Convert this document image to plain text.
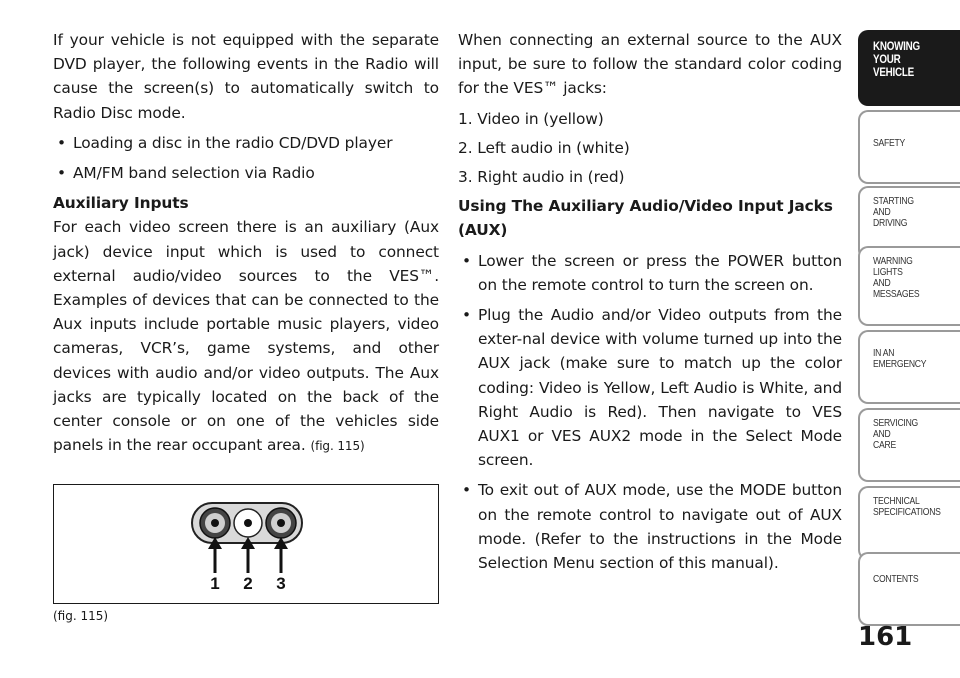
If your vehicle is not equipped with the separate DVD player, the following events in the Radio will cause the screen(s) to automatically switch to Radio Disc mode.

• Loading a disc in the radio CD/DVD player
• AM/FM band selection via Radio
Auxiliary Inputs

For each video screen there is an auxiliary (Aux jack) device input which is used to connect external audio/video sources to the VES™. Examples of devices that can be connected to the Aux inputs include portable music players, video cameras, VCR’s, game systems, and other devices with audio and/or video outputs. The Aux jacks are typically located on the back of the center console or on one of the vehicles side panels in the rear occupant area. (fig. 115)

1 2 3
(fig. 115)

When connecting an external source to the AUX input, be sure to follow the standard color coding for the VES™ jacks:

1. Video in (yellow)
2. Left audio in (white)
3. Right audio in (red)
Using The Auxiliary Audio/Video Input Jacks (AUX)
• Lower the screen or press the POWER button on the remote control to turn the screen on.
• Plug the Audio and/or Video outputs from the exter-nal device with volume turned up into the AUX jack (make sure to match up the color coding: Video is Yellow, Left Audio is White, and Right Audio is Red). Then navigate to VES AUX1 or VES AUX2 mode in the Select Mode screen.
• To exit out of AUX mode, use the MODE button on the remote control to navigate out of AUX mode. (Refer to the instructions in the Mode Selection Menu section of this manual).
KNOWING
YOUR
VEHICLE
SAFETY
STARTING
AND
DRIVING
WARNING
LIGHTS
AND
MESSAGES
IN AN
EMERGENCY
SERVICING
AND
CARE
TECHNICAL
SPECIFICATIONS
CONTENTS
161
